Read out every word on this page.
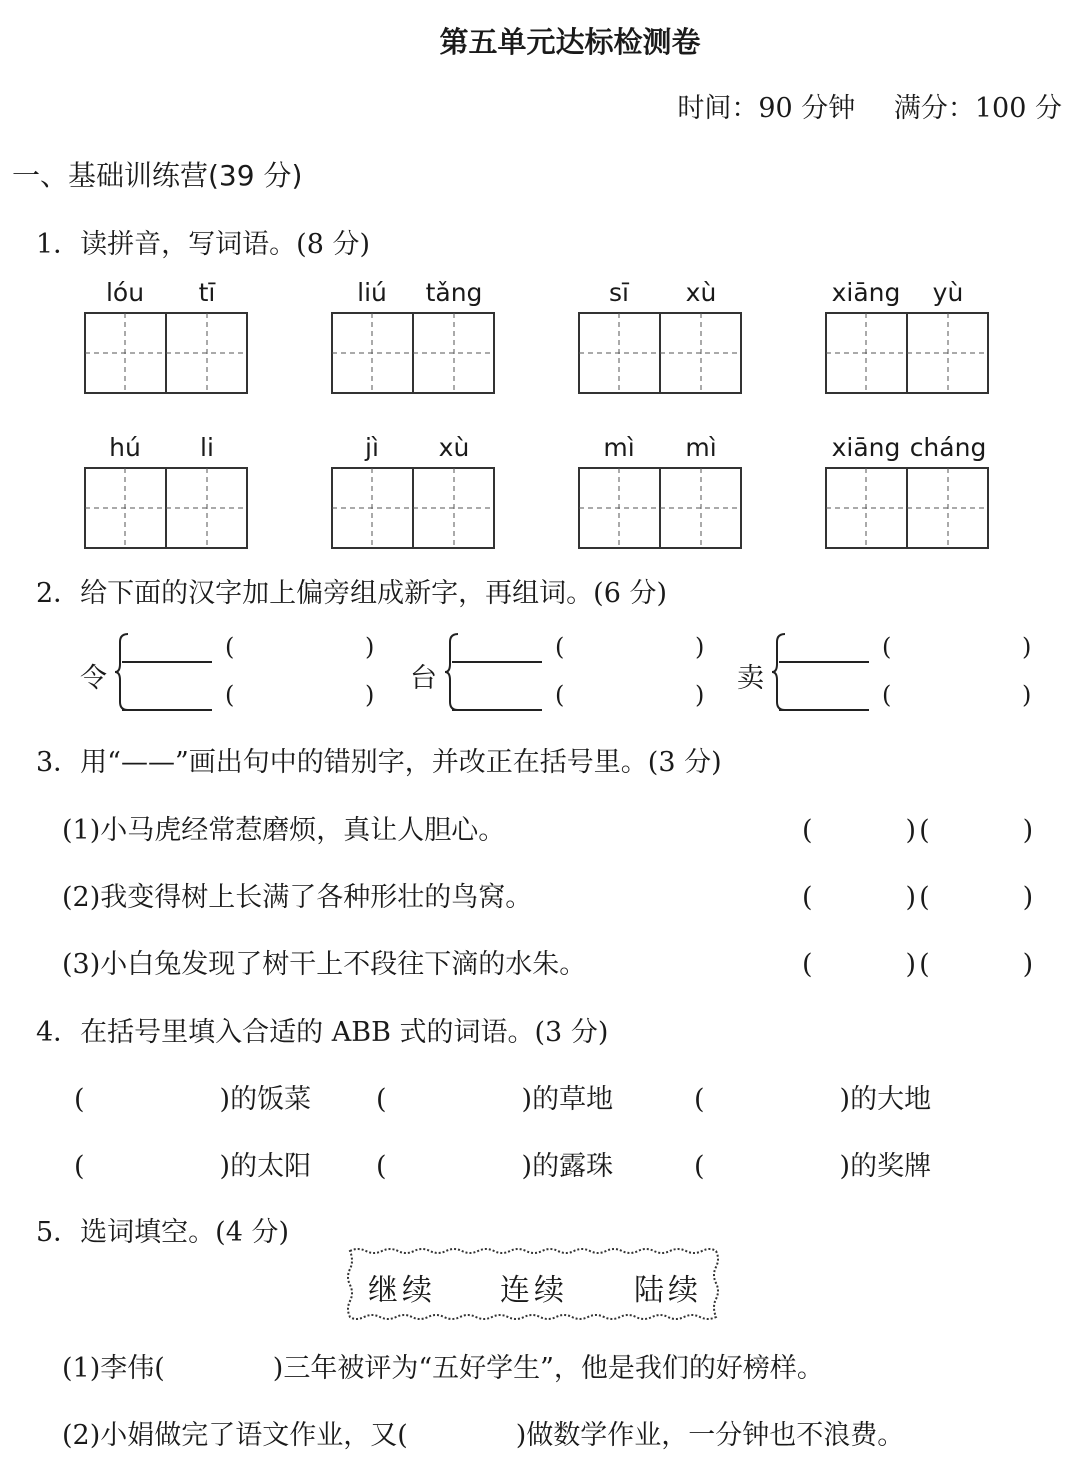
第五单元达标检测卷
时间：90 分钟 满分：100 分
一、基础训练营(39 分)
1．读拼音，写词语。(8 分)
lóu	tī	liú	tǎng	sī	xù	xiāng	yù
hú	li	jì	xù	mì	mì	xiāng cháng
2．给下面的汉字加上偏旁组成新字，再组词。(6 分)
令
(	)
(	)
台
(	)
(	)
卖
(	)
(	)
3．用“——”画出句中的错别字，并改正在括号里。(3 分)
(1)小马虎经常惹磨烦，真让人胆心。	(　　　)(　　　)
(2)我变得树上长满了各种形壮的鸟窝。	(　　　)(　　　)
(3)小白兔发现了树干上不段往下滴的水朱。	(　　　)(　　　)
4．在括号里填入合适的 ABB 式的词语。(3 分)
(　　　　　)的饭菜 (　　　　　)的草地	(　　　　　)的大地
(　　　　　)的太阳 (　　　　　)的露珠	(　　　　　)的奖牌
5．选词填空。(4 分)
继续 连续 陆续
(1)李伟(　　　　)三年被评为“五好学生”，他是我们的好榜样。
(2)小娟做完了语文作业，又(　　　　)做数学作业，一分钟也不浪费。
